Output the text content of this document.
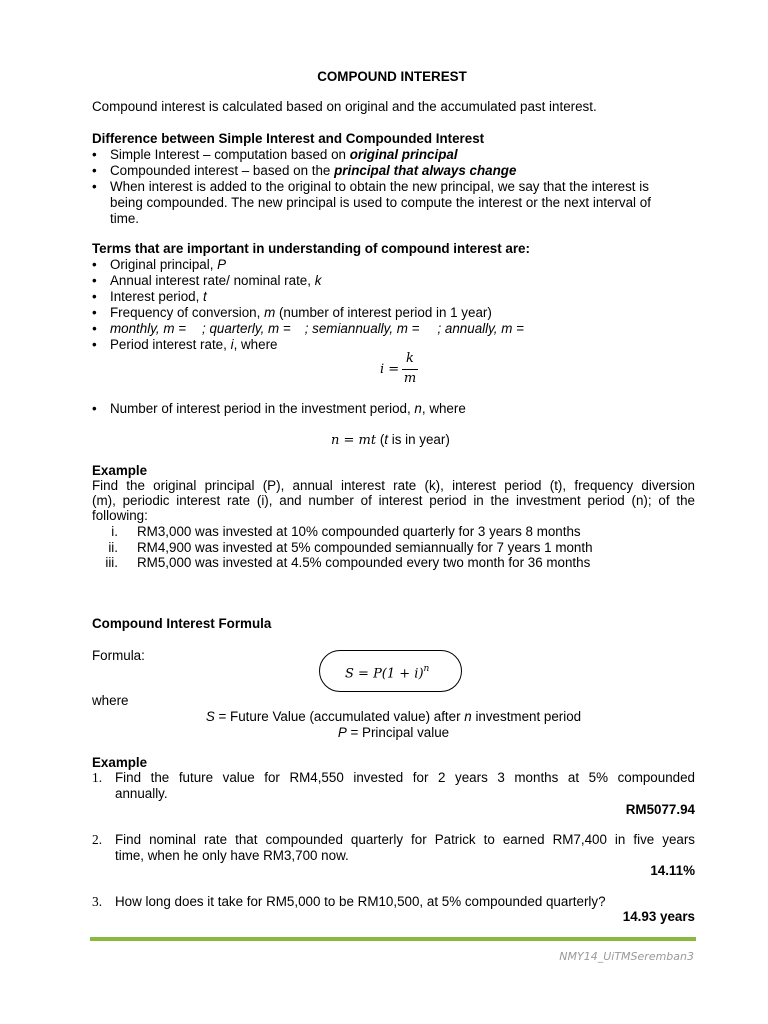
COMPOUND INTEREST
Compound interest is calculated based on original and the accumulated past interest.
Difference between Simple Interest and Compounded Interest
• Simple Interest – computation based on original principal
• Compounded interest – based on the principal that always change
• When interest is added to the original to obtain the new principal, we say that the interest is
being compounded. The new principal is used to compute the interest or the next interval of
time.
Terms that are important in understanding of compound interest are:
• Original principal, P
• Annual interest rate/ nominal rate, k
• Interest period, t
• Frequency of conversion, m (number of interest period in 1 year)
• monthly, m = ; quarterly, m = ; semiannually, m = ; annually, m =
• Period interest rate, i, where
i =
k
m
• Number of interest period in the investment period, n, where
n = mt (t is in year)
Example
Find the original principal (P), annual interest rate (k), interest period (t), frequency diversion
(m), periodic interest rate (i), and number of interest period in the investment period (n); of the
following:
i. RM3,000 was invested at 10% compounded quarterly for 3 years 8 months
ii. RM4,900 was invested at 5% compounded semiannually for 7 years 1 month
iii. RM5,000 was invested at 4.5% compounded every two month for 36 months
Compound Interest Formula
Formula:
$S = P(1 + i)^n$
where
S = Future Value (accumulated value) after n investment period
P = Principal value
Example
1. Find the future value for RM4,550 invested for 2 years 3 months at 5% compounded
annually.
RM5077.94
2. Find nominal rate that compounded quarterly for Patrick to earned RM7,400 in five years
time, when he only have RM3,700 now.
14.11%
3. How long does it take for RM5,000 to be RM10,500, at 5% compounded quarterly?
14.93 years
NMY14_UiTMSeremban3
